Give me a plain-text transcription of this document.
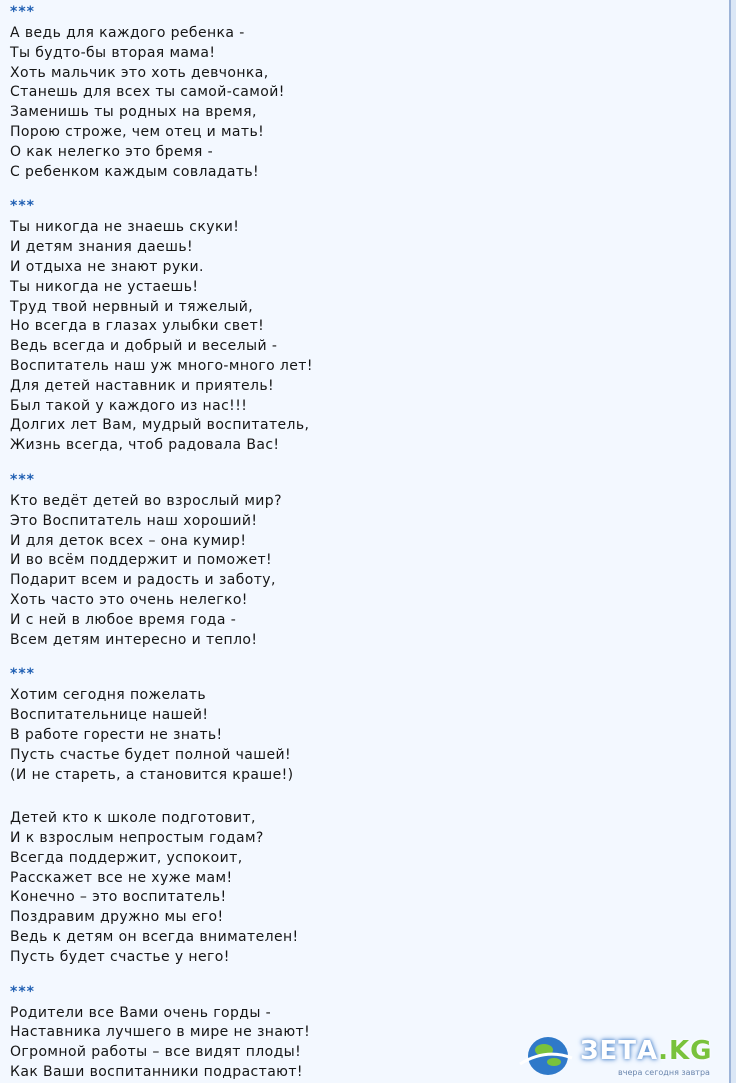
***
А ведь для каждого ребенка -
Ты будто-бы вторая мама!
Хоть мальчик это хоть девчонка,
Станешь для всех ты самой-самой!
Заменишь ты родных на время,
Порою строже, чем отец и мать!
О как нелегко это бремя -
С ребенком каждым совладать!
***
Ты никогда не знаешь скуки!
И детям знания даешь!
И отдыха не знают руки.
Ты никогда не устаешь!
Труд твой нервный и тяжелый,
Но всегда в глазах улыбки свет!
Ведь всегда и добрый и веселый -
Воспитатель наш уж много-много лет!
Для детей наставник и приятель!
Был такой у каждого из нас!!!
Долгих лет Вам, мудрый воспитатель,
Жизнь всегда, чтоб радовала Вас!
***
Кто ведёт детей во взрослый мир?
Это Воспитатель наш хороший!
И для деток всех – она кумир!
И во всём поддержит и поможет!
Подарит всем и радость и заботу,
Хоть часто это очень нелегко!
И с ней в любое время года -
Всем детям интересно и тепло!
***
Хотим сегодня пожелать
Воспитательнице нашей!
В работе горести не знать!
Пусть счастье будет полной чашей!
(И не стареть, а становится краше!)
Детей кто к школе подготовит,
И к взрослым непростым годам?
Всегда поддержит, успокоит,
Расскажет все не хуже мам!
Конечно – это воспитатель!
Поздравим дружно мы его!
Ведь к детям он всегда внимателен!
Пусть будет счастье у него!
***
Родители все Вами очень горды -
Наставника лучшего в мире не знают!
Огромной работы – все видят плоды!
Как Ваши воспитанники подрастают!
ЗЕТА.KG
вчера сегодня завтра
